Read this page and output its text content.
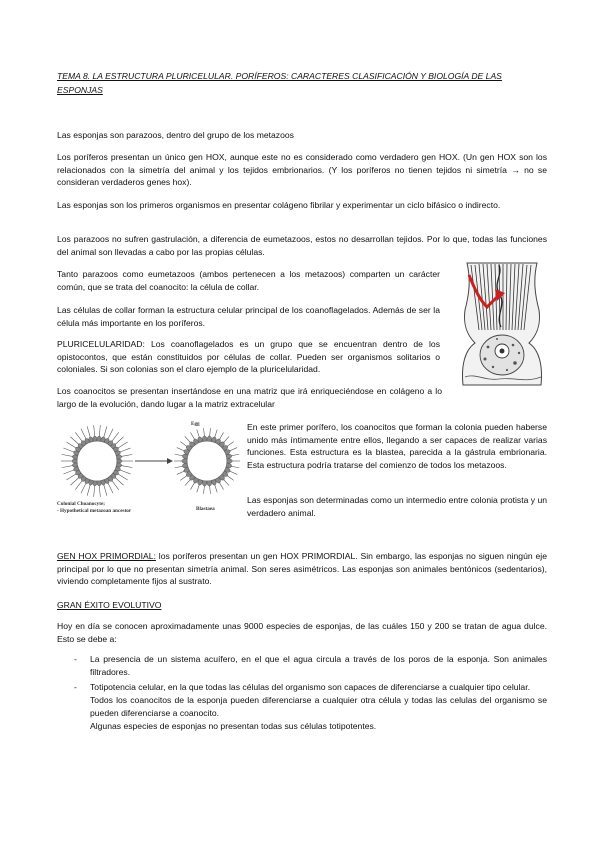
TEMA 8. LA ESTRUCTURA PLURICELULAR. PORÍFEROS: CARACTERES CLASIFICACIÓN Y BIOLOGÍA DE LAS ESPONJAS

Las esponjas son parazoos, dentro del grupo de los metazoos

Los poríferos presentan un único gen HOX, aunque este no es considerado como verdadero gen HOX. (Un gen HOX son los relacionados con la simetría del animal y los tejidos embrionarios. (Y los poríferos no tienen tejidos ni simetría → no se consideran verdaderos genes hox).

Las esponjas son los primeros organismos en presentar colágeno fibrilar y experimentar un ciclo bifásico o indirecto.

Los parazoos no sufren gastrulación, a diferencia de eumetazoos, estos no desarrollan tejidos. Por lo que, todas las funciones del animal son llevadas a cabo por las propias células.

Tanto parazoos como eumetazoos (ambos pertenecen a los metazoos) comparten un carácter común, que se trata del coanocito: la célula de collar.

Las células de collar forman la estructura celular principal de los coanoflagelados. Además de ser la célula más importante en los poríferos.

PLURICELULARIDAD: Los coanoflagelados es un grupo que se encuentran dentro de los opistocontos, que están constituidos por células de collar. Pueden ser organismos solitarios o coloniales. Si son colonias son el claro ejemplo de la pluricelularidad.

Los coanocitos se presentan insertándose en una matriz que irá enriqueciéndose en colágeno a lo largo de la evolución, dando lugar a la matriz extracelular

Egg
Colonial Choanocyte;
- Hypothetical metazoan ancestor	Blastaea

En este primer porífero, los coanocitos que forman la colonia pueden haberse unido más íntimamente entre ellos, llegando a ser capaces de realizar varias funciones. Esta estructura es la blastea, parecida a la gástrula embrionaria. Esta estructura podría tratarse del comienzo de todos los metazoos.

Las esponjas son determinadas como un intermedio entre colonia protista y un verdadero animal.

GEN HOX PRIMORDIAL: los poríferos presentan un gen HOX PRIMORDIAL. Sin embargo, las esponjas no siguen ningún eje principal por lo que no presentan simetría animal. Son seres asimétricos. Las esponjas son animales bentónicos (sedentarios), viviendo completamente fijos al sustrato.

GRAN ÉXITO EVOLUTIVO

Hoy en día se conocen aproximadamente unas 9000 especies de esponjas, de las cuáles 150 y 200 se tratan de agua dulce. Esto se debe a:

- La presencia de un sistema acuífero, en el que el agua circula a través de los poros de la esponja. Son animales filtradores.

- Totipotencia celular, en la que todas las células del organismo son capaces de diferenciarse a cualquier tipo celular.

Todos los coanocitos de la esponja pueden diferenciarse a cualquier otra célula y todas las celulas del organismo se pueden diferenciarse a coanocito.

Algunas especies de esponjas no presentan todas sus células totipotentes.
